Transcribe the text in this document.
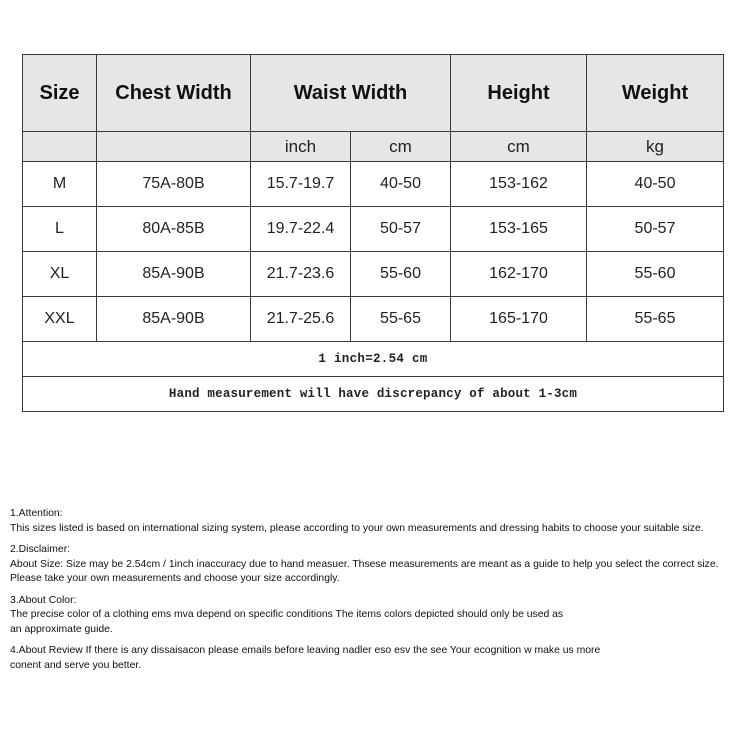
Size	Chest Width	Waist Width		Height	Weight
		inch	cm	cm	kg
M	75A-80B	15.7-19.7	40-50	153-162	40-50
L	80A-85B	19.7-22.4	50-57	153-165	50-57
XL	85A-90B	21.7-23.6	55-60	162-170	55-60
XXL	85A-90B	21.7-25.6	55-65	165-170	55-65
1 inch=2.54 cm					
Hand measurement will have discrepancy of about 1-3cm					
1.Attention:
This sizes listed is based on international sizing system, please according to your own measurements and dressing habits to choose your suitable size.
2.Disclaimer:
About Size: Size may be 2.54cm / 1inch inaccuracy due to hand measuer. Thsese measurements are meant as a guide to help you select the correct size.
Please take your own measurements and choose your size accordingly.
3.About Color:
The precise color of a clothing ems mva depend on specific conditions The items colors depicted should only be used as
an approximate guide.
4.About Review If there is any dissaisacon please emails before leaving nadler eso esv the see Your ecognition w make us more
conent and serve you better.
